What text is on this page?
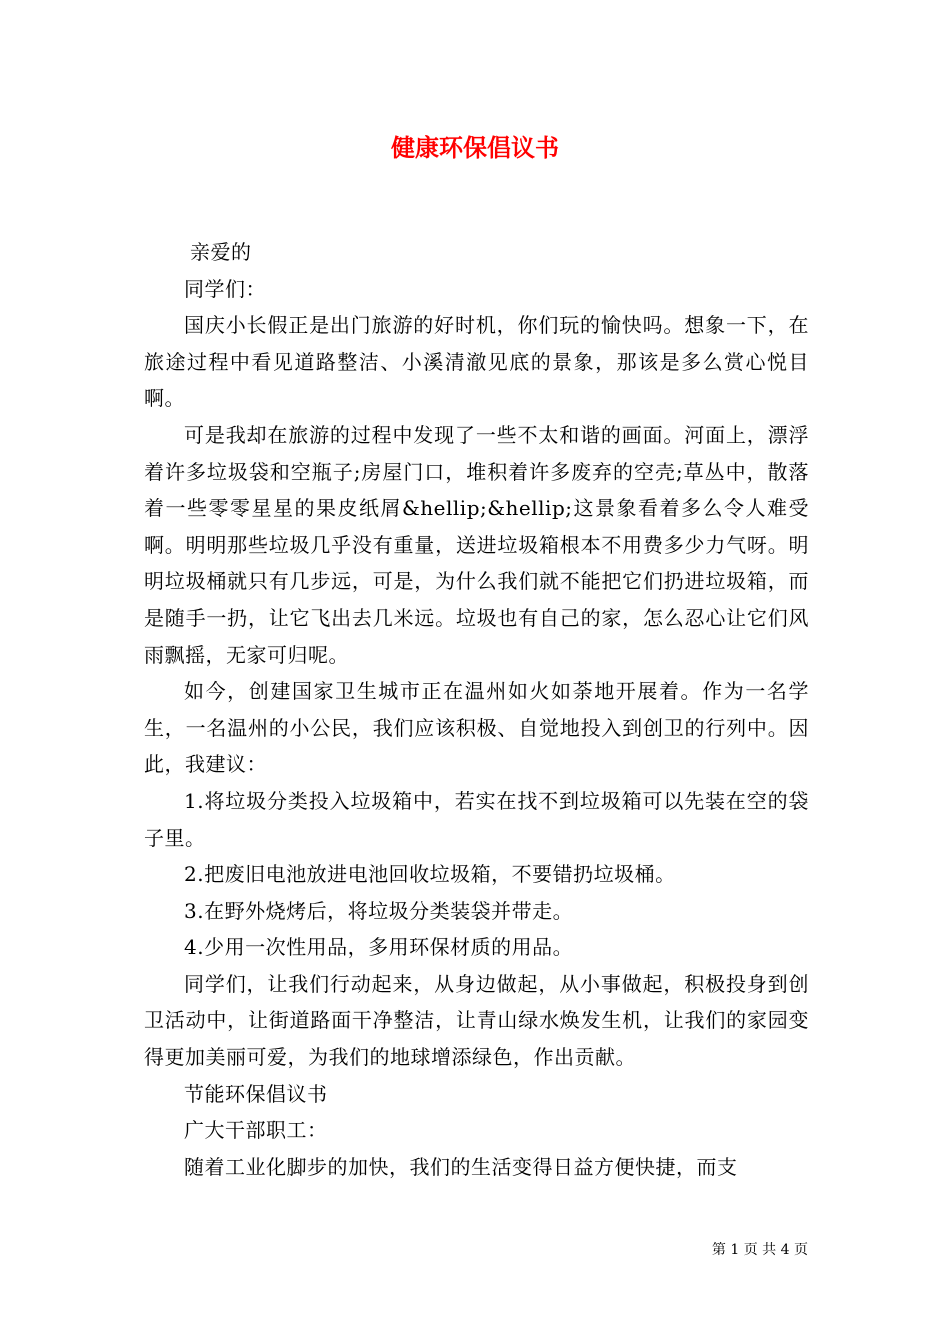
健康环保倡议书

亲爱的

同学们：

国庆小长假正是出门旅游的好时机，你们玩的愉快吗。想象一下，在旅途过程中看见道路整洁、小溪清澈见底的景象，那该是多么赏心悦目啊。

可是我却在旅游的过程中发现了一些不太和谐的画面。河面上，漂浮着许多垃圾袋和空瓶子;房屋门口，堆积着许多废弃的空壳;草丛中，散落着一些零零星星的果皮纸屑&hellip;&hellip;这景象看着多么令人难受啊。明明那些垃圾几乎没有重量，送进垃圾箱根本不用费多少力气呀。明明垃圾桶就只有几步远，可是，为什么我们就不能把它们扔进垃圾箱，而是随手一扔，让它飞出去几米远。垃圾也有自己的家，怎么忍心让它们风雨飘摇，无家可归呢。

如今，创建国家卫生城市正在温州如火如荼地开展着。作为一名学生，一名温州的小公民，我们应该积极、自觉地投入到创卫的行列中。因此，我建议：

1.将垃圾分类投入垃圾箱中，若实在找不到垃圾箱可以先装在空的袋子里。

2.把废旧电池放进电池回收垃圾箱，不要错扔垃圾桶。

3.在野外烧烤后，将垃圾分类装袋并带走。

4.少用一次性用品，多用环保材质的用品。

同学们，让我们行动起来，从身边做起，从小事做起，积极投身到创卫活动中，让街道路面干净整洁，让青山绿水焕发生机，让我们的家园变得更加美丽可爱，为我们的地球增添绿色，作出贡献。

节能环保倡议书

广大干部职工：

随着工业化脚步的加快，我们的生活变得日益方便快捷，而支

第 1 页 共 4 页
